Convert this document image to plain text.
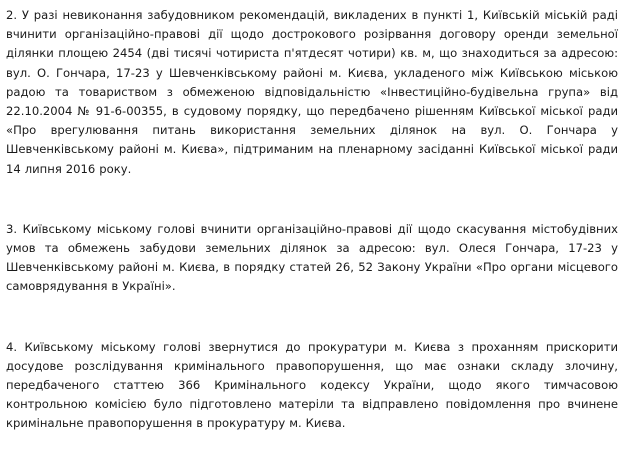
2. У разі невиконання забудовником рекомендацій, викладених в пункті 1, Київській міській раді вчинити організаційно-правові дії щодо дострокового розірвання договору оренди земельної ділянки площею 2454 (дві тисячі чотириста п'ятдесят чотири) кв. м, що знаходиться за адресою: вул. О. Гончара, 17-23 у Шевченківському районі м. Києва, укладеного між Київською міською радою та товариством з обмеженою відповідальністю «Інвестиційно-будівельна група» від 22.10.2004 № 91-6-00355, в судовому порядку, що передбачено рішенням Київської міської ради «Про врегулювання питань використання земельних ділянок на вул. О. Гончара у Шевченківському районі м. Києва», підтриманим на пленарному засіданні Київської міської ради 14 липня 2016 року.

3. Київському міському голові вчинити організаційно-правові дії щодо скасування містобудівних умов та обмежень забудови земельних ділянок за адресою: вул. Олеся Гончара, 17-23 у Шевченківському районі м. Києва, в порядку статей 26, 52 Закону України «Про органи місцевого самоврядування в Україні».

4. Київському міському голові звернутися до прокуратури м. Києва з проханням прискорити досудове розслідування кримінального правопорушення, що має ознаки складу злочину, передбаченого статтею 366 Кримінального кодексу України, щодо якого тимчасовою контрольною комісією було підготовлено матеріли та відправлено повідомлення про вчинене кримінальне правопорушення в прокуратуру м. Києва.
